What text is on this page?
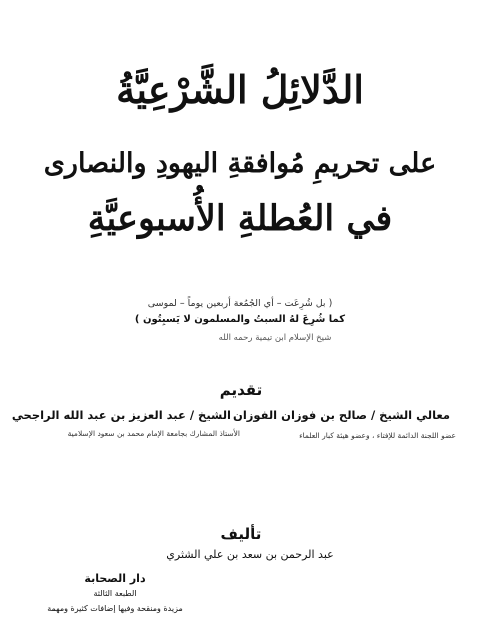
الدَّلائِلُ الشَّرْعِيَّةُ
على تحريمِ مُوافقةِ اليهودِ والنصارى
في العُطلةِ الأُسبوعيَّةِ
( بل شُرِعَت – أي الجُمُعة أربعين يوماً – لموسى
كما شُرِعَ لهُ السبتُ والمسلمون لا يَسبِتُون )
شيخ الإسلام ابن تيمية رحمه الله
تقديم
معالي الشيخ / صالح بن فوزان الفوزان
عضو اللجنة الدائمة للإفتاء ، وعضو هيئة كبار العلماء
الشيخ / عبد العزيز بن عبد الله الراجحي
الأستاذ المشارك بجامعة الإمام محمد بن سعود الإسلامية
تأليف
عبد الرحمن بن سعد بن علي الشثري
دار الصحابة
الطبعة الثالثة
مزيدة ومنقحة وفيها إضافات كثيرة ومهمة
